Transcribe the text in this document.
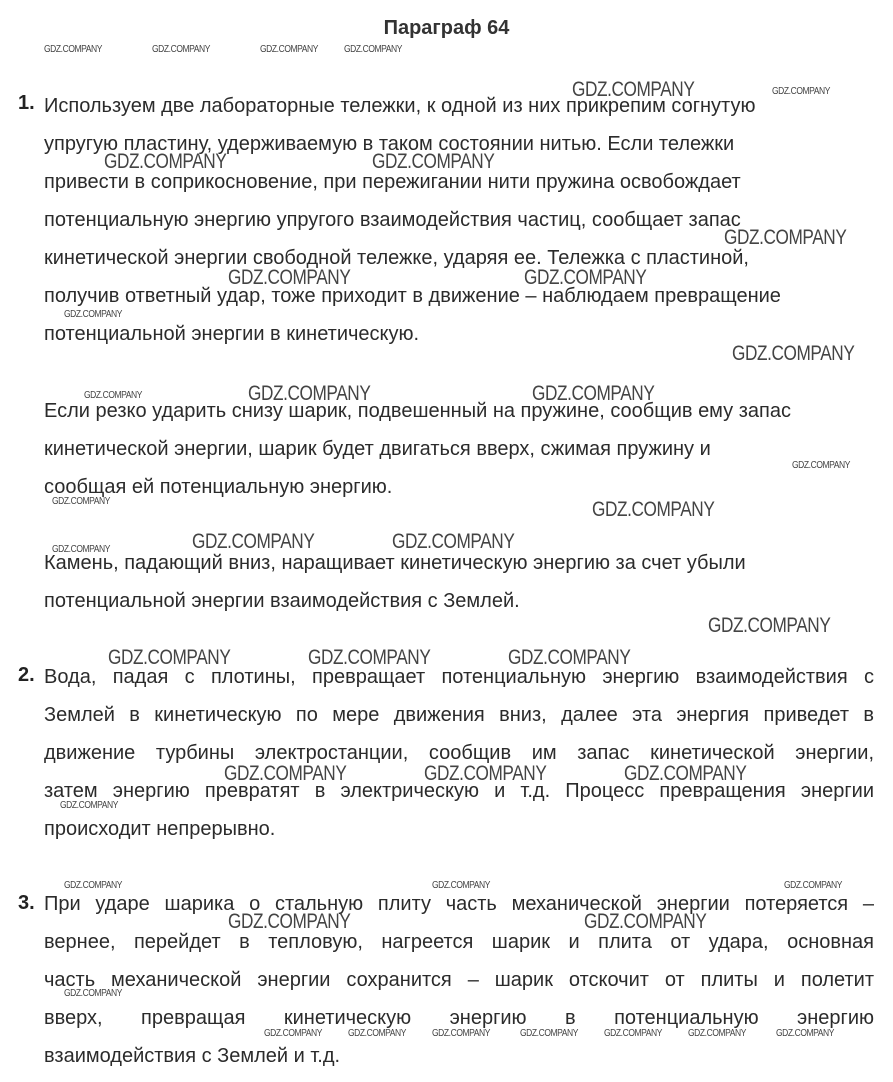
Параграф 64
1. Используем две лабораторные тележки, к одной из них прикрепим согнутую
упругую пластину, удерживаемую в таком состоянии нитью. Если тележки
привести в соприкосновение, при пережигании нити пружина освобождает
потенциальную энергию упругого взаимодействия частиц, сообщает запас
кинетической энергии свободной тележке, ударяя ее. Тележка с пластиной,
получив ответный удар, тоже приходит в движение – наблюдаем превращение
потенциальной энергии в кинетическую.
Если резко ударить снизу шарик, подвешенный на пружине, сообщив ему запас
кинетической энергии, шарик будет двигаться вверх, сжимая пружину и
сообщая ей потенциальную энергию.
Камень, падающий вниз, наращивает кинетическую энергию за счет убыли
потенциальной энергии взаимодействия с Землей.
2. Вода, падая с плотины, превращает потенциальную энергию взаимодействия с
Землей в кинетическую по мере движения вниз, далее эта энергия приведет в
движение турбины электростанции, сообщив им запас кинетической энергии,
затем энергию превратят в электрическую и т.д. Процесс превращения энергии
происходит непрерывно.
3. При ударе шарика о стальную плиту часть механической энергии потеряется –
вернее, перейдет в тепловую, нагреется шарик и плита от удара, основная
часть механической энергии сохранится – шарик отскочит от плиты и полетит
вверх, превращая кинетическую энергию в потенциальную энергию
взаимодействия с Землей и т.д.
GDZ.COMPANY	GDZ.COMPANY	GDZ.COMPANY	GDZ.COMPANY
GDZ.COMPANY	GDZ.COMPANY
GDZ.COMPANY	GDZ.COMPANY
GDZ.COMPANY
GDZ.COMPANY	GDZ.COMPANY
GDZ.COMPANY
GDZ.COMPANY
GDZ.COMPANY	GDZ.COMPANY	GDZ.COMPANY
GDZ.COMPANY
GDZ.COMPANY	GDZ.COMPANY
GDZ.COMPANY	GDZ.COMPANY
GDZ.COMPANY
GDZ.COMPANY
GDZ.COMPANY	GDZ.COMPANY	GDZ.COMPANY
GDZ.COMPANY	GDZ.COMPANY	GDZ.COMPANY
GDZ.COMPANY
GDZ.COMPANY	GDZ.COMPANY	GDZ.COMPANY
GDZ.COMPANY	GDZ.COMPANY
GDZ.COMPANY
GDZ.COMPANY	GDZ.COMPANY	GDZ.COMPANY	GDZ.COMPANY	GDZ.COMPANY	GDZ.COMPANY	GDZ.COMPANY
